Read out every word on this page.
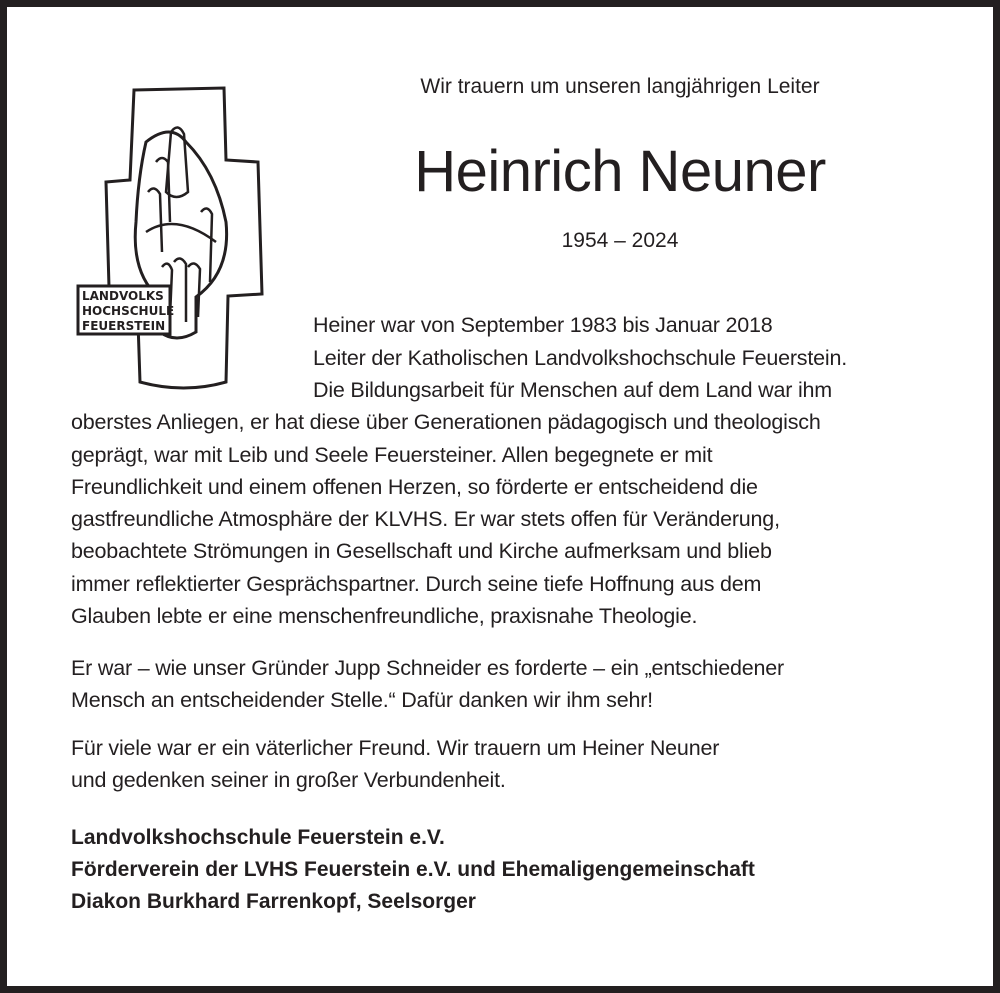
LANDVOLKS
HOCHSCHULE
FEUERSTEIN
Wir trauern um unseren langjährigen Leiter
Heinrich Neuner
1954 – 2024
Heiner war von September 1983 bis Januar 2018
Leiter der Katholischen Landvolkshochschule Feuerstein.
Die Bildungsarbeit für Menschen auf dem Land war ihm
oberstes Anliegen, er hat diese über Generationen pädagogisch und theologisch
geprägt, war mit Leib und Seele Feuersteiner. Allen begegnete er mit
Freundlichkeit und einem offenen Herzen, so förderte er entscheidend die
gastfreundliche Atmosphäre der KLVHS. Er war stets offen für Veränderung,
beobachtete Strömungen in Gesellschaft und Kirche aufmerksam und blieb
immer reflektierter Gesprächspartner. Durch seine tiefe Hoffnung aus dem
Glauben lebte er eine menschenfreundliche, praxisnahe Theologie.
Er war – wie unser Gründer Jupp Schneider es forderte – ein „entschiedener
Mensch an entscheidender Stelle.“ Dafür danken wir ihm sehr!
Für viele war er ein väterlicher Freund. Wir trauern um Heiner Neuner
und gedenken seiner in großer Verbundenheit.
Landvolkshochschule Feuerstein e.V.
Förderverein der LVHS Feuerstein e.V. und Ehemaligengemeinschaft
Diakon Burkhard Farrenkopf, Seelsorger
